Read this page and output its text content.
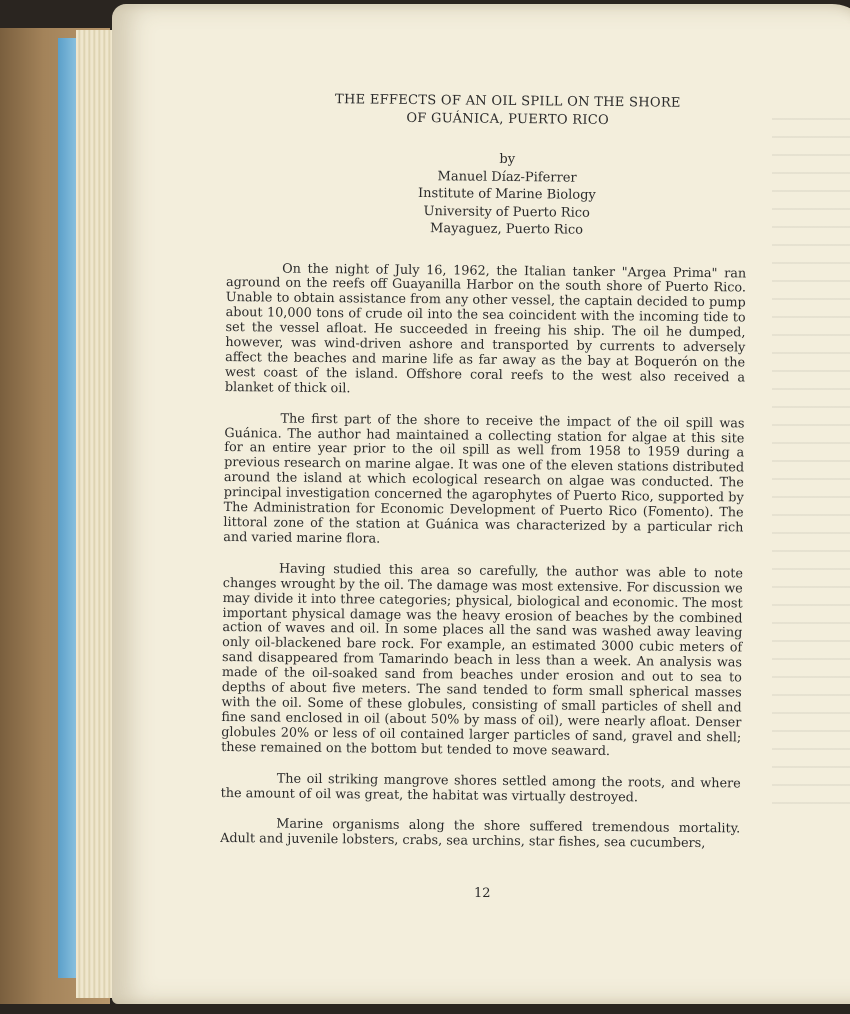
THE EFFECTS OF AN OIL SPILL ON THE SHORE
OF GUÁNICA, PUERTO RICO
by
Manuel Díaz-Piferrer
Institute of Marine Biology
University of Puerto Rico
Mayaguez, Puerto Rico

On the night of July 16, 1962, the Italian tanker "Argea Prima" ran aground on the reefs off Guayanilla Harbor on the south shore of Puerto Rico. Unable to obtain assistance from any other vessel, the captain decided to pump about 10,000 tons of crude oil into the sea coincident with the incoming tide to set the vessel afloat. He succeeded in freeing his ship. The oil he dumped, however, was wind-driven ashore and transported by currents to adversely affect the beaches and marine life as far away as the bay at Boquerón on the west coast of the island. Offshore coral reefs to the west also received a blanket of thick oil.

The first part of the shore to receive the impact of the oil spill was Guánica. The author had maintained a collecting station for algae at this site for an entire year prior to the oil spill as well from 1958 to 1959 during a previous research on marine algae. It was one of the eleven stations distributed around the island at which ecological research on algae was conducted. The principal investigation concerned the agarophytes of Puerto Rico, supported by The Administration for Economic Development of Puerto Rico (Fomento). The littoral zone of the station at Guánica was characterized by a particular rich and varied marine flora.

Having studied this area so carefully, the author was able to note changes wrought by the oil. The damage was most extensive. For discussion we may divide it into three categories; physical, biological and economic. The most important physical damage was the heavy erosion of beaches by the combined action of waves and oil. In some places all the sand was washed away leaving only oil-blackened bare rock. For example, an estimated 3000 cubic meters of sand disappeared from Tamarindo beach in less than a week. An analysis was made of the oil-soaked sand from beaches under erosion and out to sea to depths of about five meters. The sand tended to form small spherical masses with the oil. Some of these globules, consisting of small particles of shell and fine sand enclosed in oil (about 50% by mass of oil), were nearly afloat. Denser globules 20% or less of oil contained larger particles of sand, gravel and shell; these remained on the bottom but tended to move seaward.

The oil striking mangrove shores settled among the roots, and where the amount of oil was great, the habitat was virtually destroyed.

Marine organisms along the shore suffered tremendous mortality. Adult and juvenile lobsters, crabs, sea urchins, star fishes, sea cucumbers,

12
